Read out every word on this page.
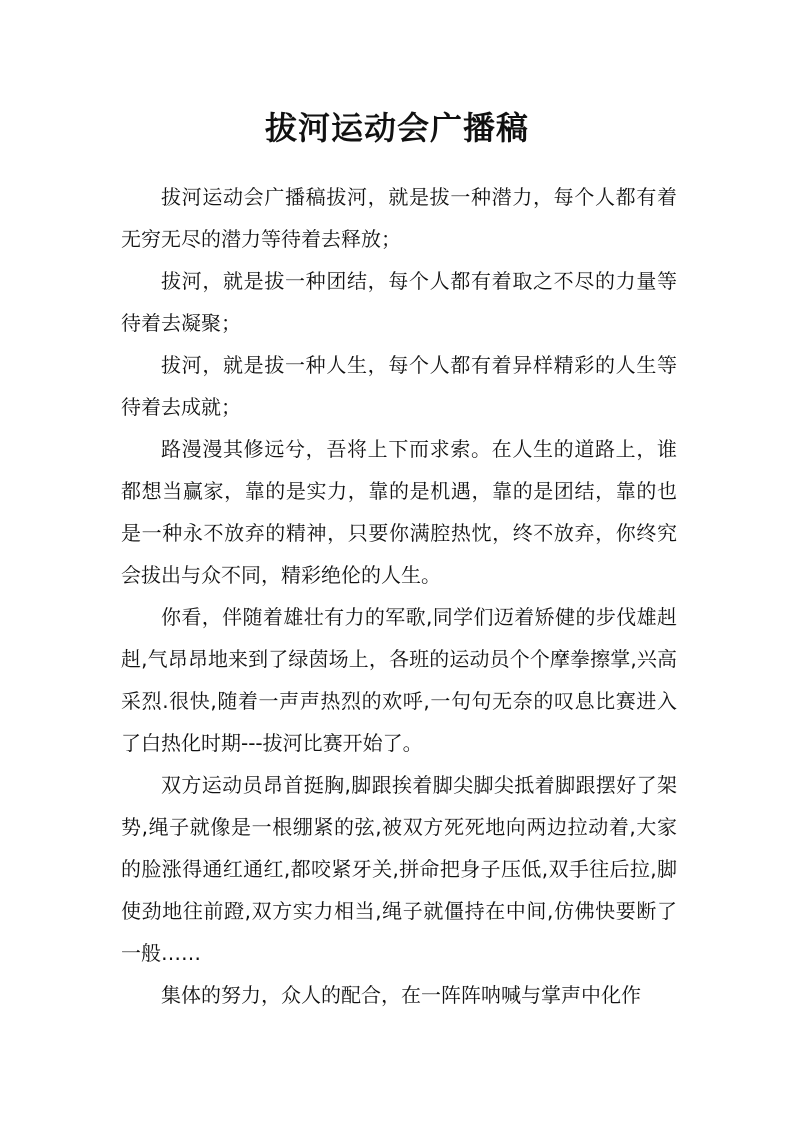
拔河运动会广播稿

拔河运动会广播稿拔河，就是拔一种潜力，每个人都有着无穷无尽的潜力等待着去释放；

拔河，就是拔一种团结，每个人都有着取之不尽的力量等待着去凝聚；

拔河，就是拔一种人生，每个人都有着异样精彩的人生等待着去成就；

路漫漫其修远兮，吾将上下而求索。在人生的道路上，谁都想当赢家，靠的是实力，靠的是机遇，靠的是团结，靠的也是一种永不放弃的精神，只要你满腔热忱，终不放弃，你终究会拔出与众不同，精彩绝伦的人生。

你看，伴随着雄壮有力的军歌,同学们迈着矫健的步伐雄赳赳,气昂昂地来到了绿茵场上，各班的运动员个个摩拳擦掌,兴高采烈.很快,随着一声声热烈的欢呼,一句句无奈的叹息比赛进入了白热化时期---拔河比赛开始了。

双方运动员昂首挺胸,脚跟挨着脚尖脚尖抵着脚跟摆好了架势,绳子就像是一根绷紧的弦,被双方死死地向两边拉动着,大家的脸涨得通红通红,都咬紧牙关,拼命把身子压低,双手往后拉,脚使劲地往前蹬,双方实力相当,绳子就僵持在中间,仿佛快要断了一般……

集体的努力，众人的配合，在一阵阵呐喊与掌声中化作
